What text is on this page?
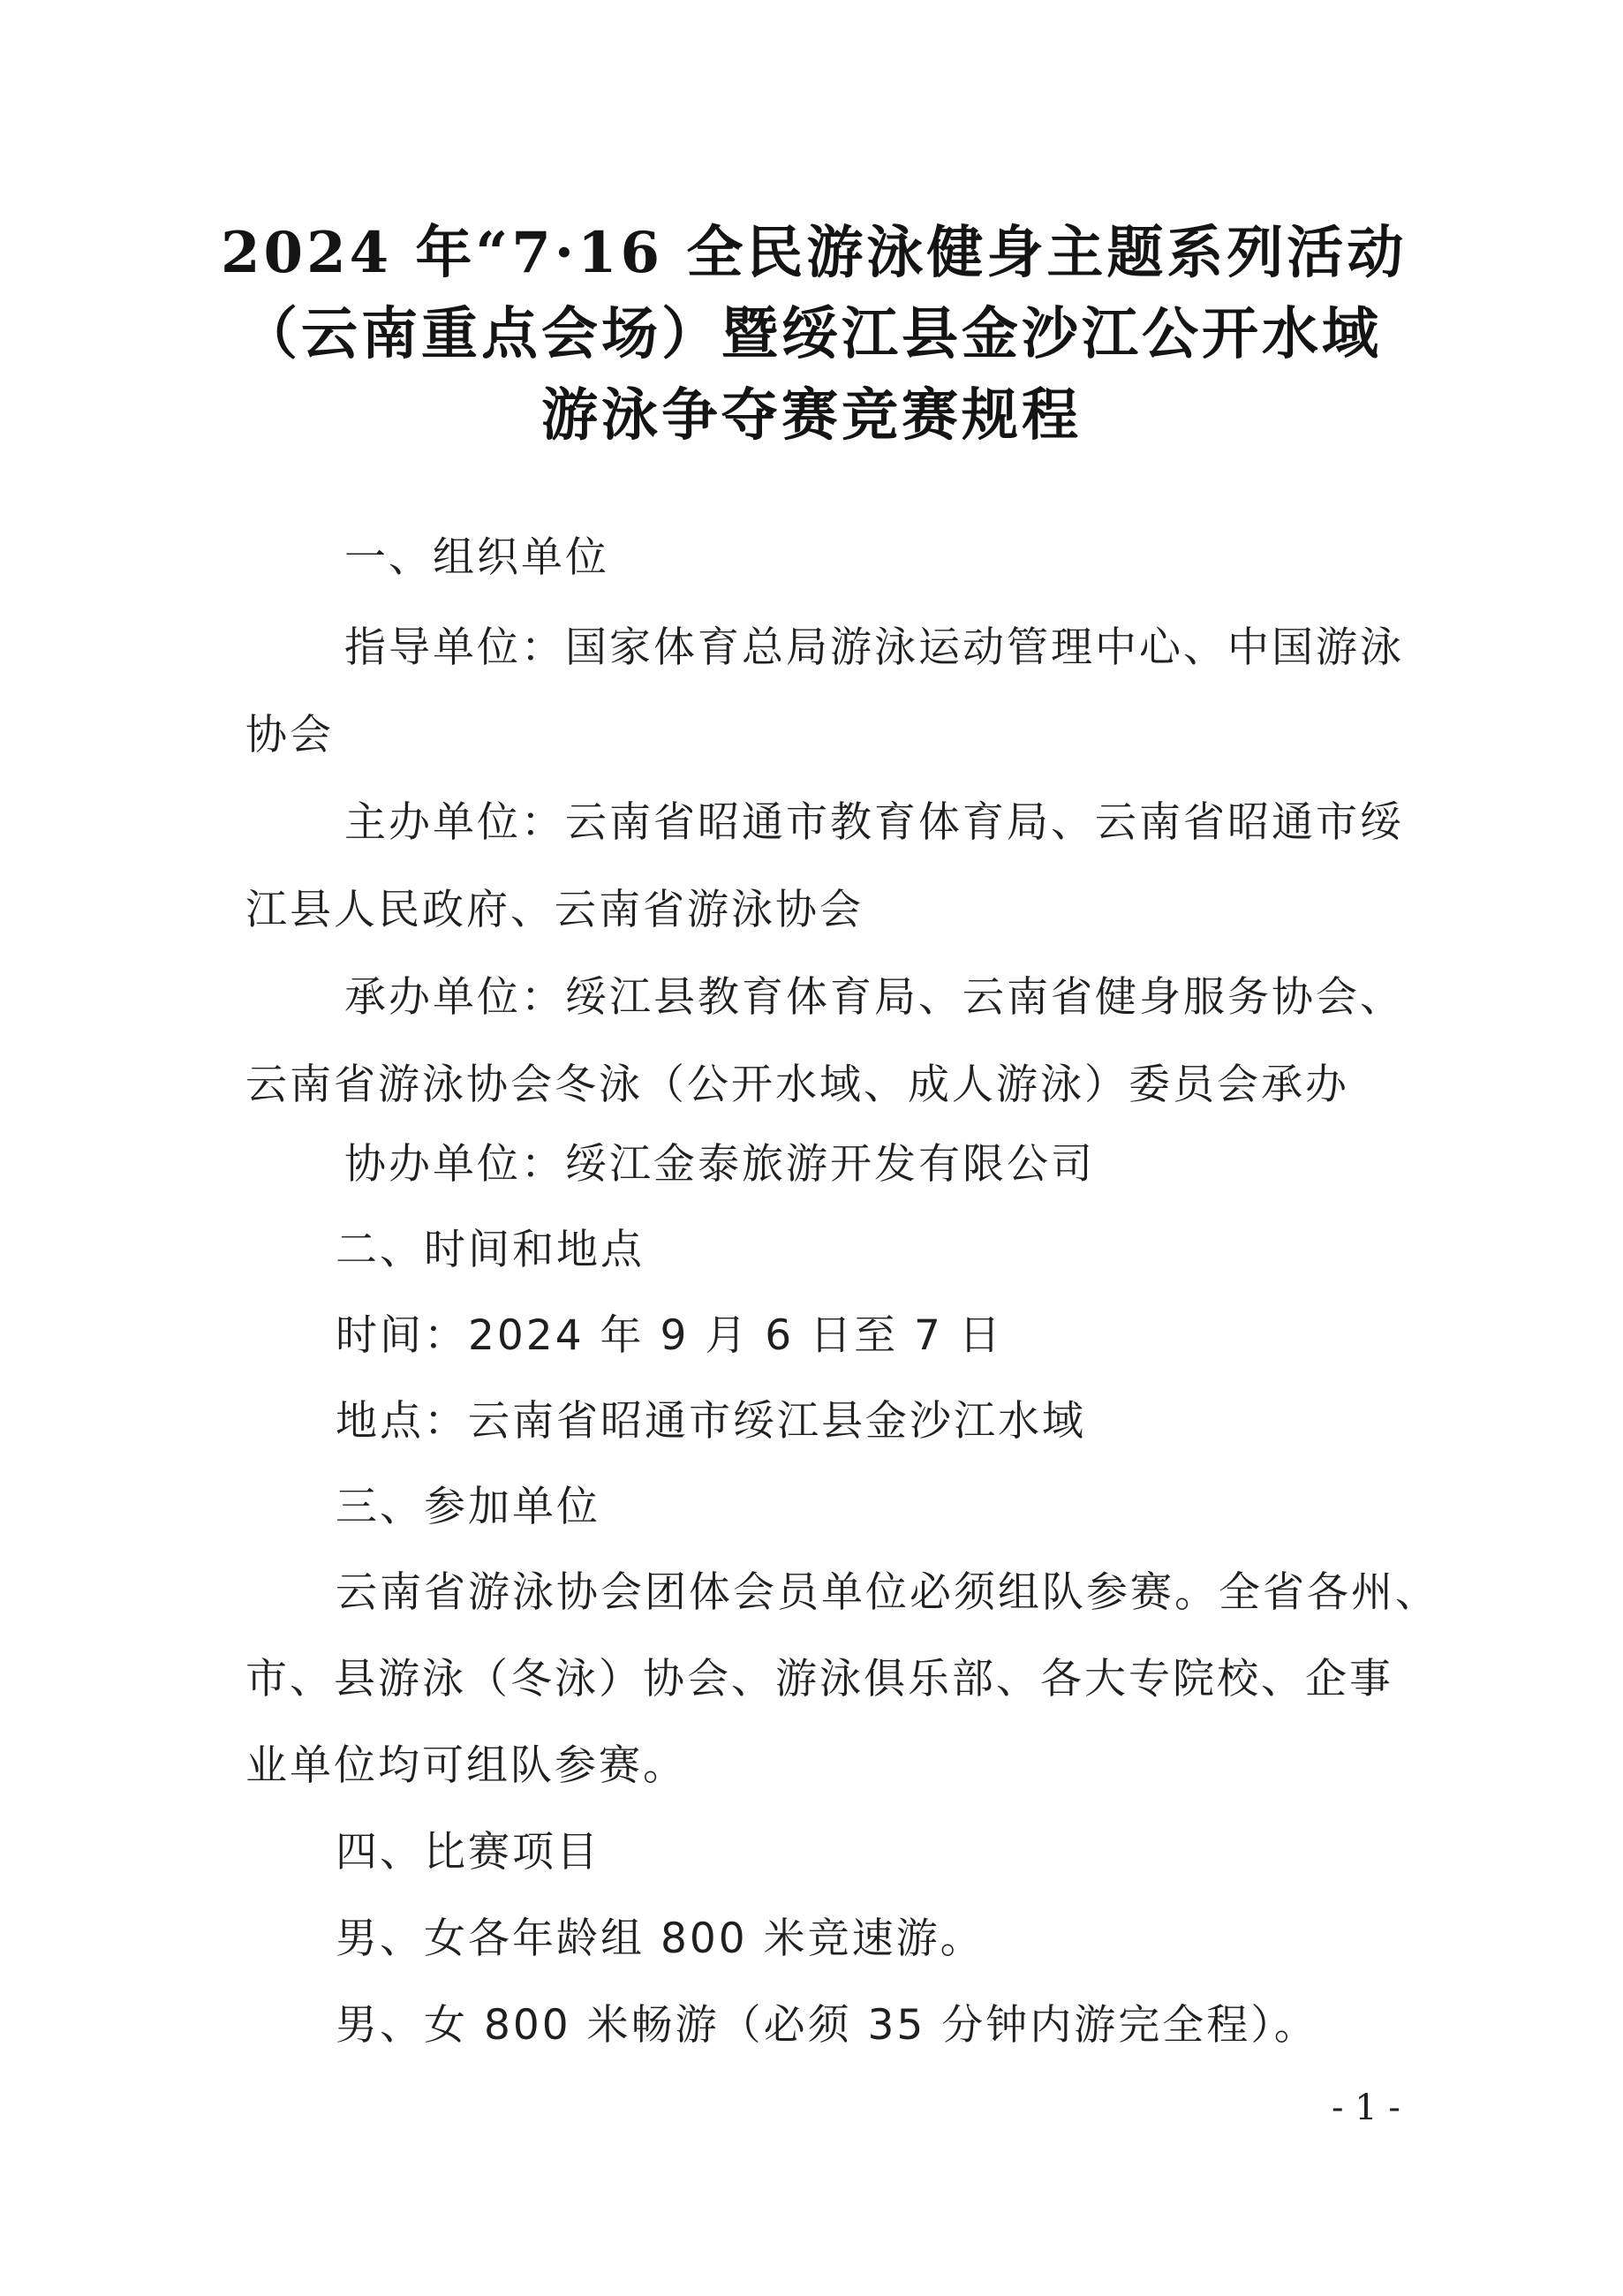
2024 年“7·16 全民游泳健身主题系列活动
（云南重点会场）暨绥江县金沙江公开水域
游泳争夺赛竞赛规程
一、组织单位
指导单位：国家体育总局游泳运动管理中心、中国游泳
协会
主办单位：云南省昭通市教育体育局、云南省昭通市绥
江县人民政府、云南省游泳协会
承办单位：绥江县教育体育局、云南省健身服务协会、
云南省游泳协会冬泳（公开水域、成人游泳）委员会承办
协办单位：绥江金泰旅游开发有限公司
二、时间和地点
时间：2024 年 9 月 6 日至 7 日
地点：云南省昭通市绥江县金沙江水域
三、参加单位
云南省游泳协会团体会员单位必须组队参赛。全省各州、
市、县游泳（冬泳）协会、游泳俱乐部、各大专院校、企事
业单位均可组队参赛。
四、比赛项目
男、女各年龄组 800 米竞速游。
男、女 800 米畅游（必须 35 分钟内游完全程）。
- 1 -
